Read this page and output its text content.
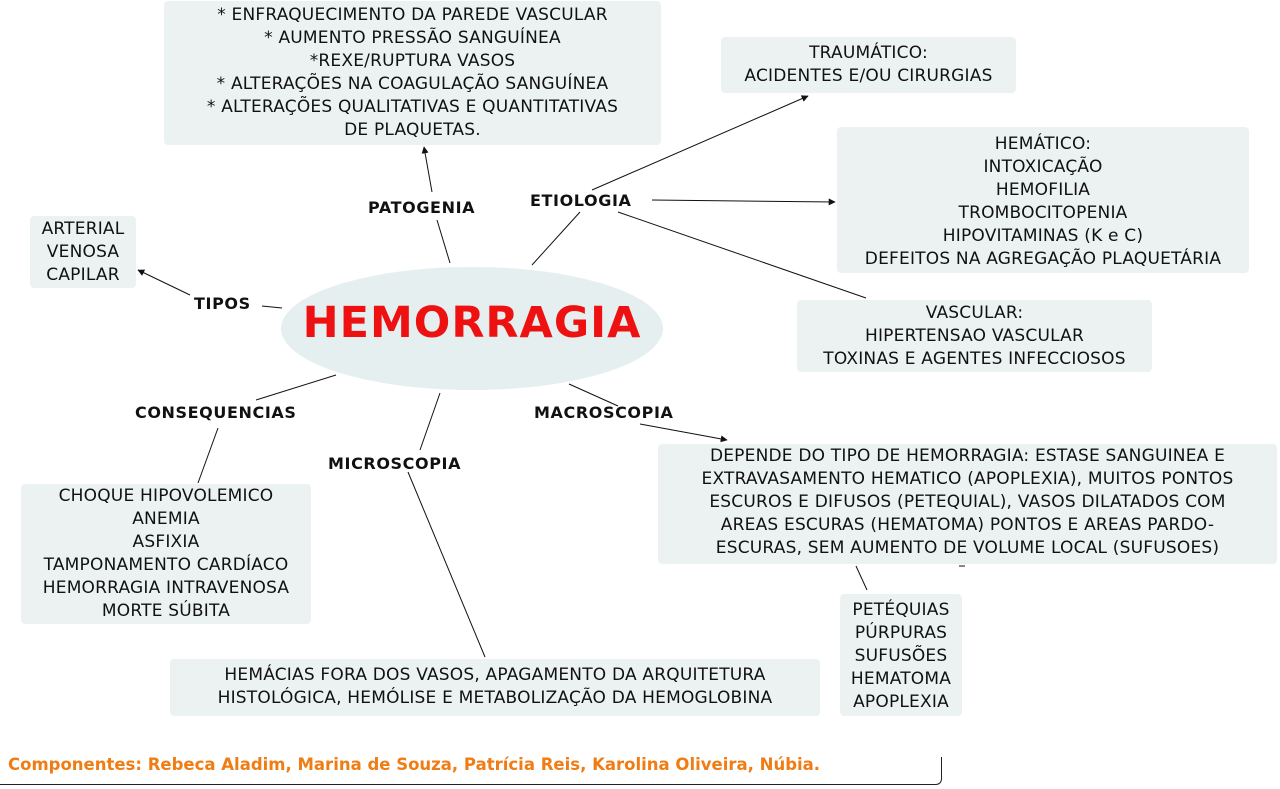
HEMORRAGIA
PATOGENIA	ETIOLOGIA
TIPOS
CONSEQUENCIAS
MICROSCOPIA
MACROSCOPIA
* ENFRAQUECIMENTO DA PAREDE VASCULAR
* AUMENTO PRESSÃO SANGUÍNEA
*REXE/RUPTURA VASOS
* ALTERAÇÕES NA COAGULAÇÃO SANGUÍNEA
* ALTERAÇÕES QUALITATIVAS E QUANTITATIVAS
DE PLAQUETAS.
TRAUMÁTICO:
ACIDENTES E/OU CIRURGIAS
HEMÁTICO:
INTOXICAÇÃO
HEMOFILIA
TROMBOCITOPENIA
HIPOVITAMINAS (K e C)
DEFEITOS NA AGREGAÇÃO PLAQUETÁRIA
VASCULAR:
HIPERTENSAO VASCULAR
TOXINAS E AGENTES INFECCIOSOS
ARTERIAL
VENOSA
CAPILAR
CHOQUE HIPOVOLEMICO
ANEMIA
ASFIXIA
TAMPONAMENTO CARDÍACO
HEMORRAGIA INTRAVENOSA
MORTE SÚBITA
DEPENDE DO TIPO DE HEMORRAGIA: ESTASE SANGUINEA E
EXTRAVASAMENTO HEMATICO (APOPLEXIA), MUITOS PONTOS
ESCUROS E DIFUSOS (PETEQUIAL), VASOS DILATADOS COM
AREAS ESCURAS (HEMATOMA) PONTOS E AREAS PARDO-
ESCURAS, SEM AUMENTO DE VOLUME LOCAL (SUFUSOES)
PETÉQUIAS
PÚRPURAS
SUFUSÕES
HEMATOMA
APOPLEXIA
HEMÁCIAS FORA DOS VASOS, APAGAMENTO DA ARQUITETURA
HISTOLÓGICA, HEMÓLISE E METABOLIZAÇÃO DA HEMOGLOBINA
Componentes: Rebeca Aladim, Marina de Souza, Patrícia Reis, Karolina Oliveira, Núbia.
